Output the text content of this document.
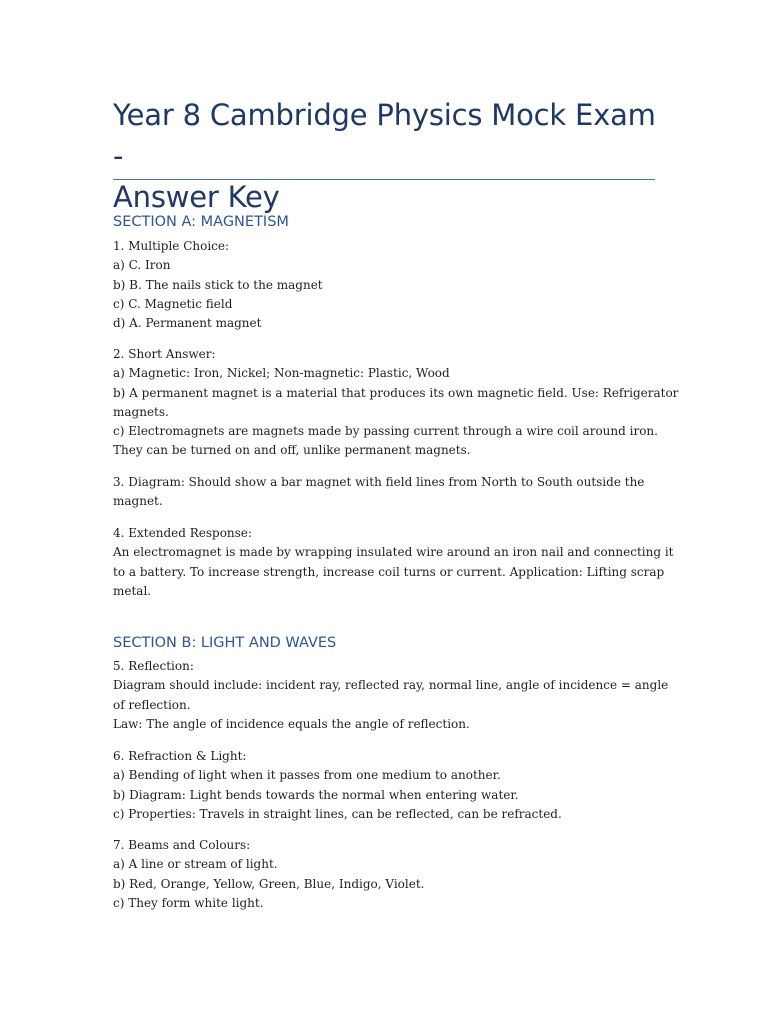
Year 8 Cambridge Physics Mock Exam -
Answer Key
SECTION A: MAGNETISM
1. Multiple Choice:
a) C. Iron
b) B. The nails stick to the magnet
c) C. Magnetic field
d) A. Permanent magnet
2. Short Answer:
a) Magnetic: Iron, Nickel; Non-magnetic: Plastic, Wood
b) A permanent magnet is a material that produces its own magnetic field. Use: Refrigerator
magnets.
c) Electromagnets are magnets made by passing current through a wire coil around iron.
They can be turned on and off, unlike permanent magnets.
3. Diagram: Should show a bar magnet with field lines from North to South outside the
magnet.
4. Extended Response:
An electromagnet is made by wrapping insulated wire around an iron nail and connecting it
to a battery. To increase strength, increase coil turns or current. Application: Lifting scrap
metal.
SECTION B: LIGHT AND WAVES
5. Reflection:
Diagram should include: incident ray, reflected ray, normal line, angle of incidence = angle
of reflection.
Law: The angle of incidence equals the angle of reflection.
6. Refraction & Light:
a) Bending of light when it passes from one medium to another.
b) Diagram: Light bends towards the normal when entering water.
c) Properties: Travels in straight lines, can be reflected, can be refracted.
7. Beams and Colours:
a) A line or stream of light.
b) Red, Orange, Yellow, Green, Blue, Indigo, Violet.
c) They form white light.
